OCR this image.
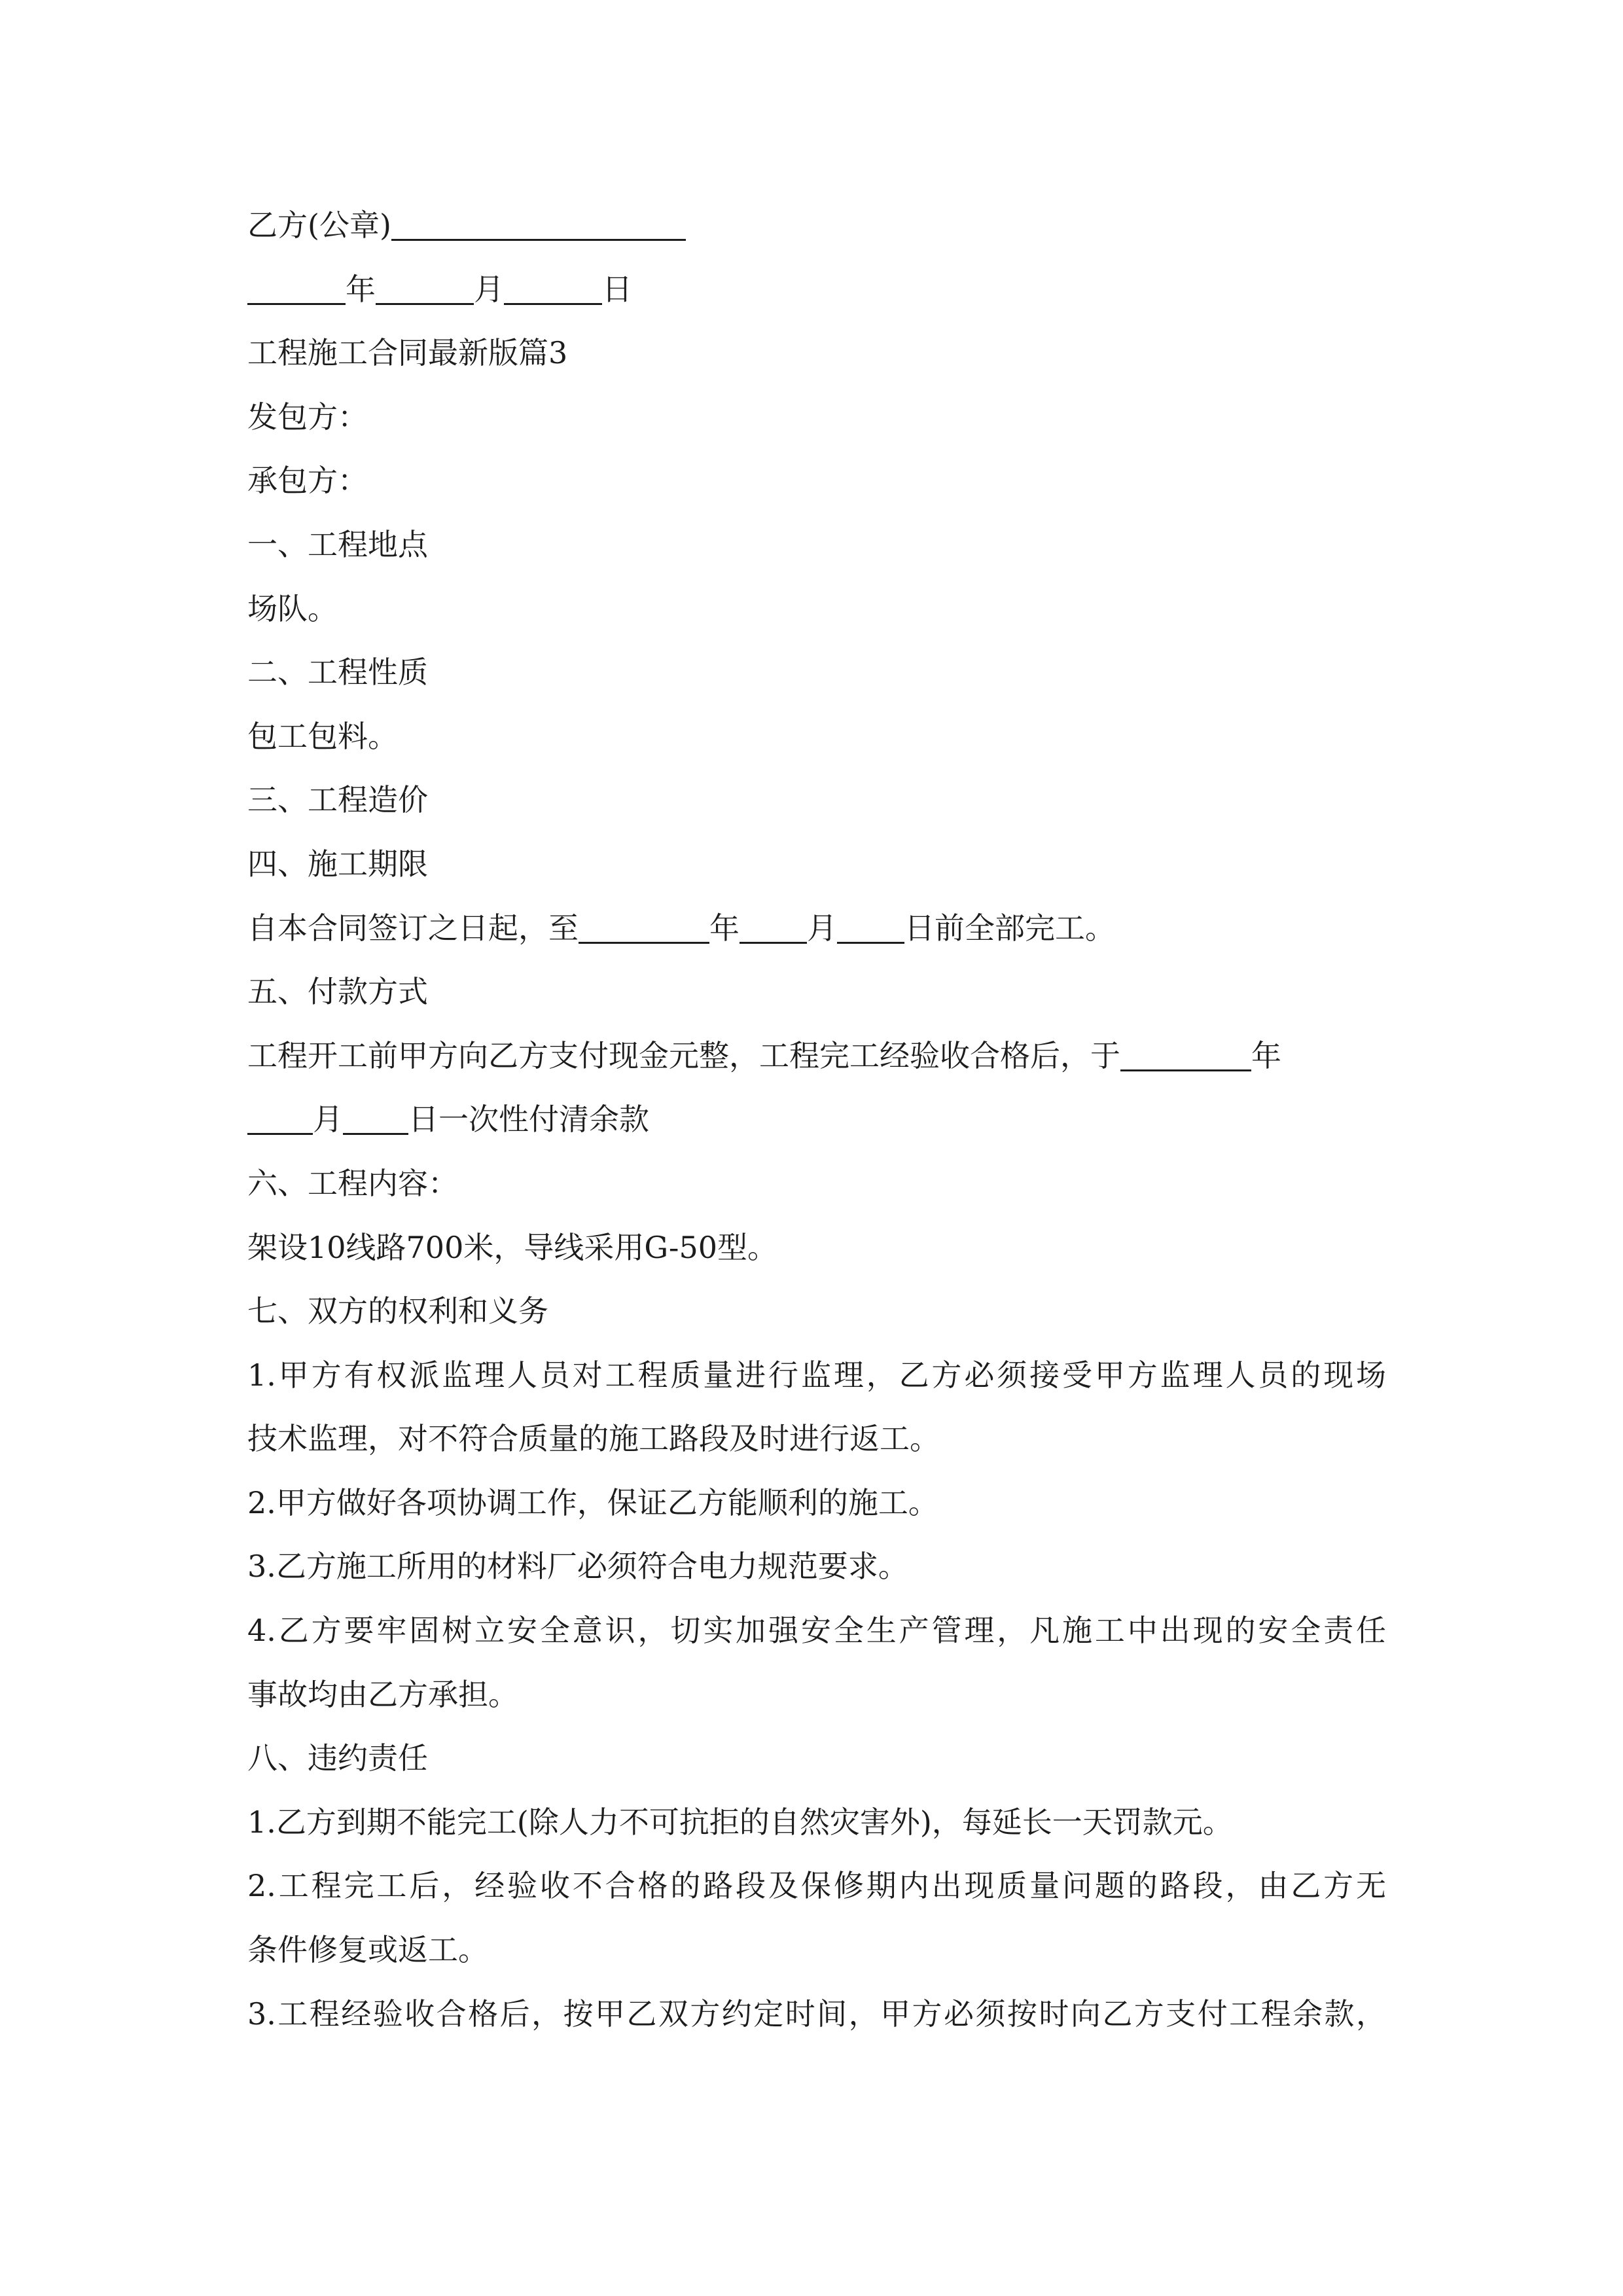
乙方(公章)
年	月	日
工程施工合同最新版篇3
发包方：
承包方：
一、工程地点
场队。
二、工程性质
包工包料。
三、工程造价
四、施工期限
自本合同签订之日起，至	年 月 日前全部完工。
五、付款方式
工程开工前甲方向乙方支付现金元整，工程完工经验收合格后，于	年
月 日一次性付清余款
六、工程内容：
架设10线路700米，导线采用G-50型。
七、双方的权利和义务
1.甲方有权派监理人员对工程质量进行监理，乙方必须接受甲方监理人员的现场
技术监理，对不符合质量的施工路段及时进行返工。
2.甲方做好各项协调工作，保证乙方能顺利的施工。
3.乙方施工所用的材料厂必须符合电力规范要求。
4.乙方要牢固树立安全意识，切实加强安全生产管理，凡施工中出现的安全责任
事故均由乙方承担。
八、违约责任
1.乙方到期不能完工(除人力不可抗拒的自然灾害外)，每延长一天罚款元。
2.工程完工后，经验收不合格的路段及保修期内出现质量问题的路段，由乙方无
条件修复或返工。
3.工程经验收合格后，按甲乙双方约定时间，甲方必须按时向乙方支付工程余款，
